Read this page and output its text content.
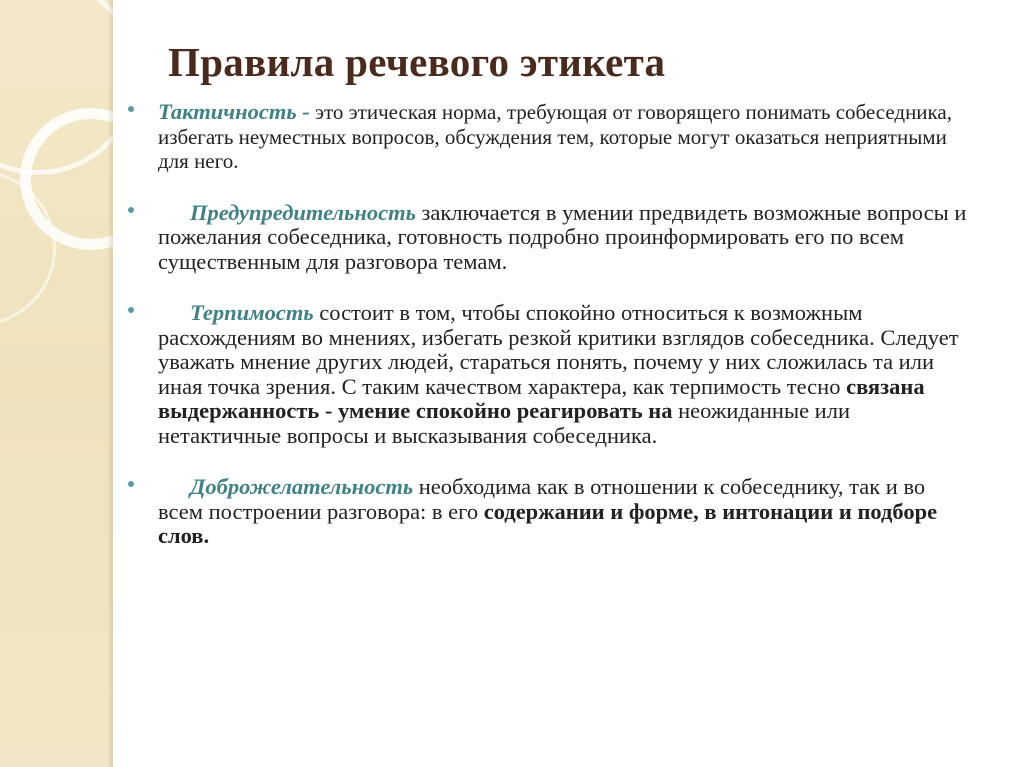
Правила речевого этикета
Тактичность - это этическая норма, требующая от говорящего понимать собеседника, избегать неуместных вопросов, обсуждения тем, которые могут оказаться неприятными для него.
Предупредительность заключается в умении предвидеть возможные вопросы и пожелания собеседника, готовность подробно проинформировать его по всем существенным для разговора темам.
Терпимость состоит в том, чтобы спокойно относиться к возможным расхождениям во мнениях, избегать резкой критики взглядов собеседника. Следует уважать мнение других людей, стараться понять, почему у них сложилась та или иная точка зрения. С таким качеством характера, как терпимость тесно связана выдержанность - умение спокойно реагировать на неожиданные или нетактичные вопросы и высказывания собеседника.
Доброжелательность необходима как в отношении к собеседнику, так и во всем построении разговора: в его содержании и форме, в интонации и подборе слов.
